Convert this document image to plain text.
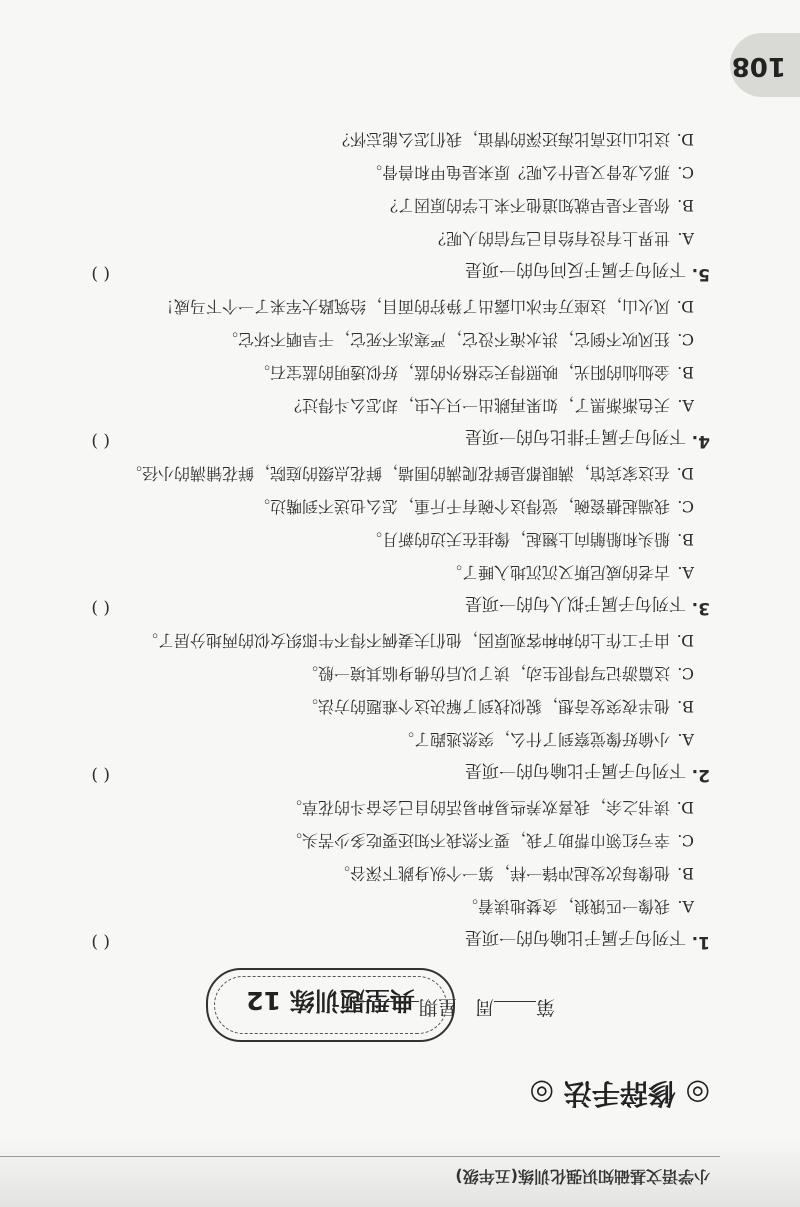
小学语文基础知识强化训练(五年级)
108
◎ 修辞手法 ◎
典型题训练 12	第周   星期
1.
下列句子属于比喻句的一项是
( )
A.我像一匹饿狼，贪婪地读着。
B.他像每次发起冲锋一样，第一个纵身跳下深谷。
C.幸亏红领巾帮助了我，要不然我不知还要吃多少苦头。
D.读书之余，我喜欢养些易种易活的自己会奋斗的花草。
2.
下列句子属于比喻句的一项是
( )
A.小偷好像觉察到了什么，突然逃跑了。
B.他半夜突发奇想，貌似找到了解决这个难题的方法。
C.这篇游记写得很生动，读了以后仿佛身临其境一般。
D.由于工作上的种种客观原因，他们夫妻俩不得不牛郎织女似的两地分居了。
3.
下列句子属于拟人句的一项是
( )
A.古老的威尼斯又沉沉地入睡了。
B.船头和船艄向上翘起，像挂在天边的新月。
C.我端起搪瓷碗，觉得这个碗有千斤重，怎么也送不到嘴边。
D.在这家宾馆，满眼都是鲜花爬满的围墙，鲜花点缀的庭院，鲜花铺满的小径。
4.
下列句子属于排比句的一项是
( )
A.天色渐渐黑了，如果再跳出一只大虫，却怎么斗得过？
B.金灿灿的阳光，映照得天空格外的蓝，好似透明的蓝宝石。
C.狂风吹不倒它，洪水淹不没它，严寒冻不死它，干旱晒不坏它。
D.风火山，这座万年冰山露出了狰狞的面目，给筑路大军来了一个下马威！
5.
下列句子属于反问句的一项是
( )
A.世界上有没有给自己写信的人呢？
B.你是不是早就知道他不来上学的原因了？
C.那么龙骨又是什么呢？原来是龟甲和兽骨。
D.这比山还高比海还深的情谊，我们怎么能忘怀？
